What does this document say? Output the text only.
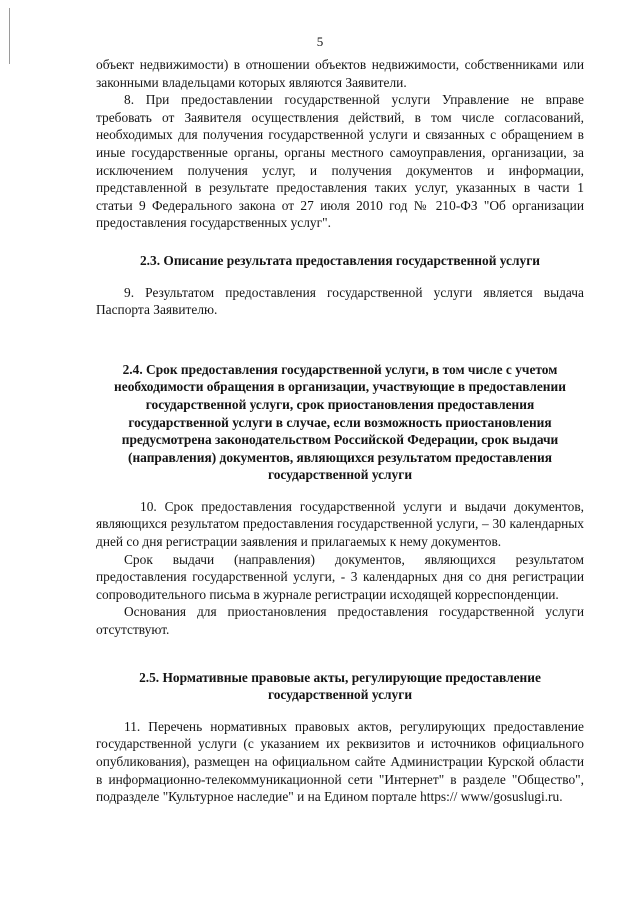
5

объект недвижимости) в отношении объектов недвижимости, собственниками или законными владельцами которых являются Заявители.

8. При предоставлении государственной услуги Управление не вправе требовать от Заявителя осуществления действий, в том числе согласований, необходимых для получения государственной услуги и связанных с обращением в иные государственные органы, органы местного самоуправления, организации, за исключением получения услуг, и получения документов и информации, представленной в результате предоставления таких услуг, указанных в части 1 статьи 9 Федерального закона от 27 июля 2010 год № 210-ФЗ "Об организации предоставления государственных услуг".

2.3. Описание результата предоставления государственной услуги

9. Результатом предоставления государственной услуги является выдача Паспорта Заявителю.

2.4. Срок предоставления государственной услуги, в том числе с учетом необходимости обращения в организации, участвующие в предоставлении государственной услуги, срок приостановления предоставления государственной услуги в случае, если возможность приостановления предусмотрена законодательством Российской Федерации, срок выдачи (направления) документов, являющихся результатом предоставления государственной услуги

10. Срок предоставления государственной услуги и выдачи документов, являющихся результатом предоставления государственной услуги, – 30 календарных дней со дня регистрации заявления и прилагаемых к нему документов.

Срок выдачи (направления) документов, являющихся результатом предоставления государственной услуги, - 3 календарных дня со дня регистрации сопроводительного письма в журнале регистрации исходящей корреспонденции.

Основания для приостановления предоставления государственной услуги отсутствуют.

2.5. Нормативные правовые акты, регулирующие предоставление государственной услуги

11. Перечень нормативных правовых актов, регулирующих предоставление государственной услуги (с указанием их реквизитов и источников официального опубликования), размещен на официальном сайте Администрации Курской области в информационно-телекоммуникационной сети "Интернет" в разделе "Общество", подразделе "Культурное наследие" и на Едином портале https:// www/gosuslugi.ru.
